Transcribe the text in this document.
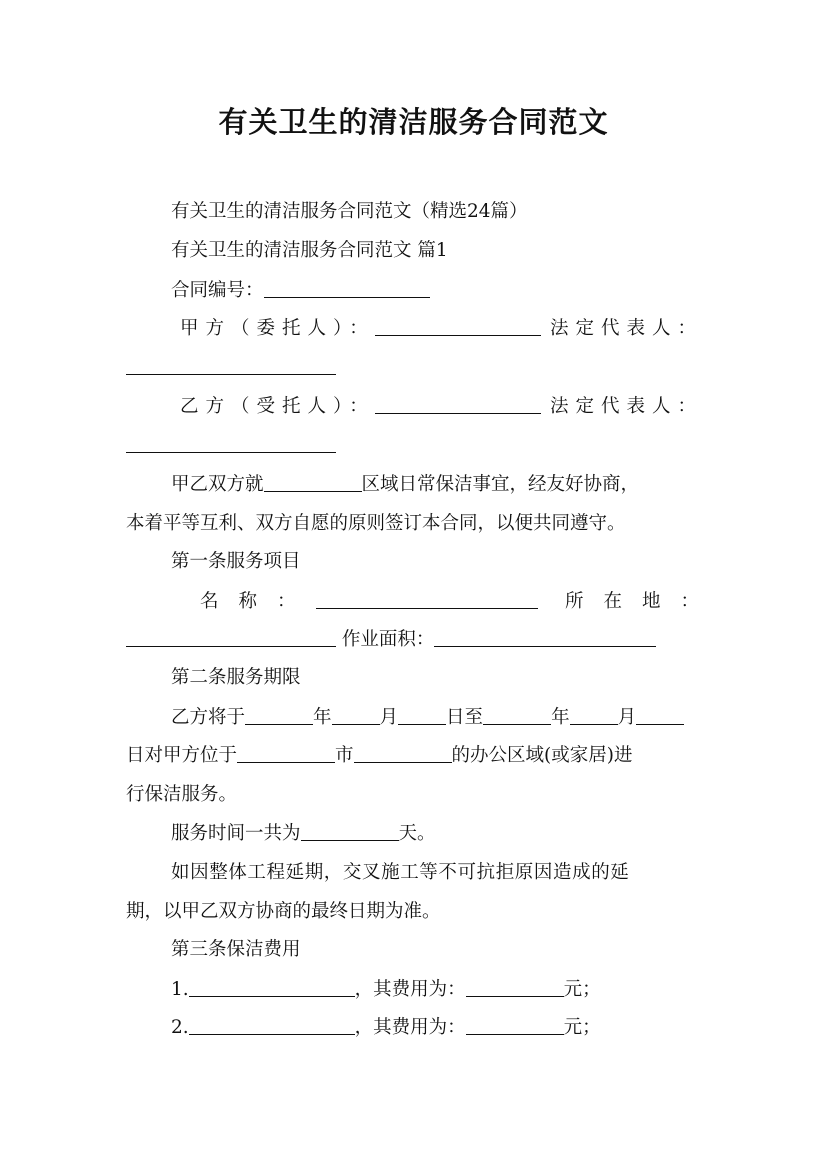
有关卫生的清洁服务合同范文
有关卫生的清洁服务合同范文（精选24篇）
有关卫生的清洁服务合同范文 篇1
合同编号：
甲方（委托人）：	法定代表人：
乙方（受托人）：	法定代表人：
甲乙双方就	区域日常保洁事宜，经友好协商，
本着平等互利、双方自愿的原则签订本合同，以便共同遵守。
第一条服务项目
名称：	所在地：
作业面积：
第二条服务期限
乙方将于	年	月	日至	年	月
日对甲方位于	市	的办公区域(或家居)进
行保洁服务。
服务时间一共为	天。
如因整体工程延期，交叉施工等不可抗拒原因造成的延
期，以甲乙双方协商的最终日期为准。
第三条保洁费用
1.	，其费用为：	元；
2.	，其费用为：	元；
